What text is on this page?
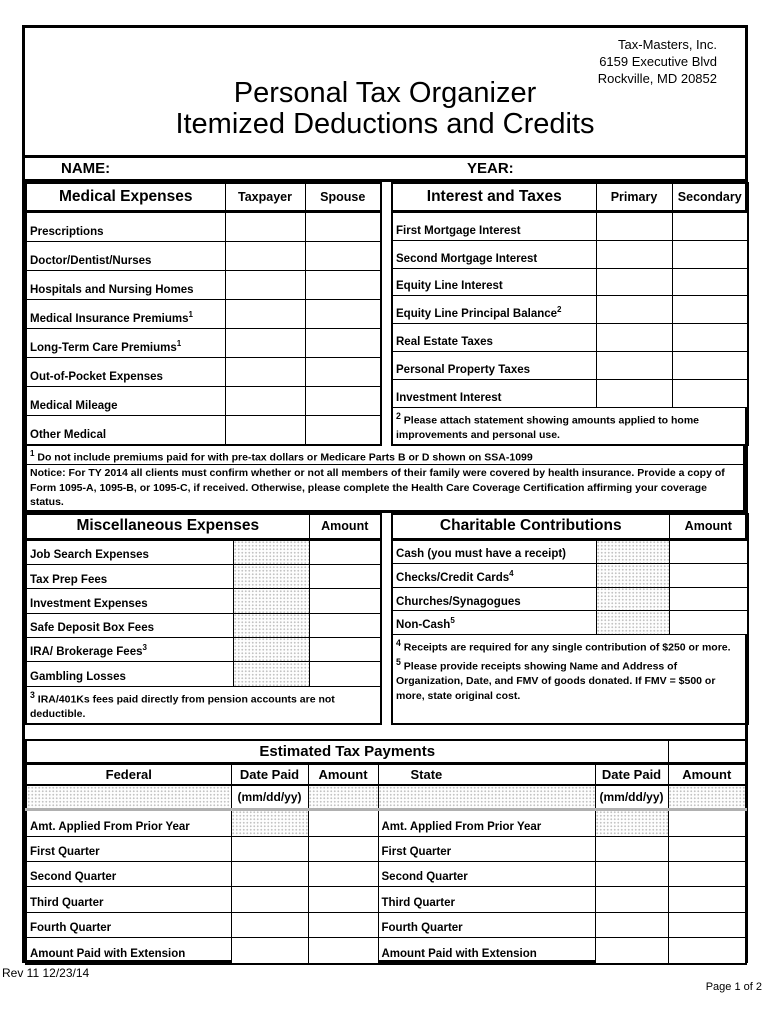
Tax-Masters, Inc.
6159 Executive Blvd
Rockville, MD 20852
Personal Tax Organizer
Itemized Deductions and Credits
NAME:	YEAR:
Medical Expenses	Taxpayer	Spouse
Prescriptions		
Doctor/Dentist/Nurses		
Hospitals and Nursing Homes		
Medical Insurance Premiums$^1$		
Long-Term Care Premiums$^1$		
Out-of-Pocket Expenses		
Medical Mileage		
Other Medical		
Interest and Taxes	Primary	Secondary
First Mortgage Interest		
Second Mortgage Interest		
Equity Line Interest		
Equity Line Principal Balance$^2$		
Real Estate Taxes		
Personal Property Taxes		
Investment Interest		
$^2$ Please attach statement showing amounts applied to home improvements and personal use.		
$^1$ Do not include premiums paid for with pre-tax dollars or Medicare Parts B or D shown on SSA-1099
Notice: For TY 2014 all clients must confirm whether or not all members of their family were covered by health insurance. Provide a copy of Form 1095-A, 1095-B, or 1095-C, if received. Otherwise, please complete the Health Care Coverage Certification affirming your coverage status.
Miscellaneous Expenses		Amount
Job Search Expenses		
Tax Prep Fees		
Investment Expenses		
Safe Deposit Box Fees		
IRA/ Brokerage Fees$^3$		
Gambling Losses		
$^3$ IRA/401Ks fees paid directly from pension accounts are not deductible.		
Charitable Contributions		Amount
Cash (you must have a receipt)		
Checks/Credit Cards$^4$		
Churches/Synagogues		
Non-Cash$^5$		

$^4$ Receipts are required for any single contribution of $250 or more.
$^5$ Please provide receipts showing Name and Address of Organization, Date, and FMV of goods donated. If FMV = $500 or more, state original cost.		
Estimated Tax Payments					
Federal	Date Paid	Amount	State	Date Paid	Amount
	(mm/dd/yy)			(mm/dd/yy)	
Amt. Applied From Prior Year			Amt. Applied From Prior Year		
First Quarter			First Quarter		
Second Quarter			Second Quarter		
Third Quarter			Third Quarter		
Fourth Quarter			Fourth Quarter		
Amount Paid with Extension			Amount Paid with Extension		
Rev 11 12/23/14
Page 1 of 2
